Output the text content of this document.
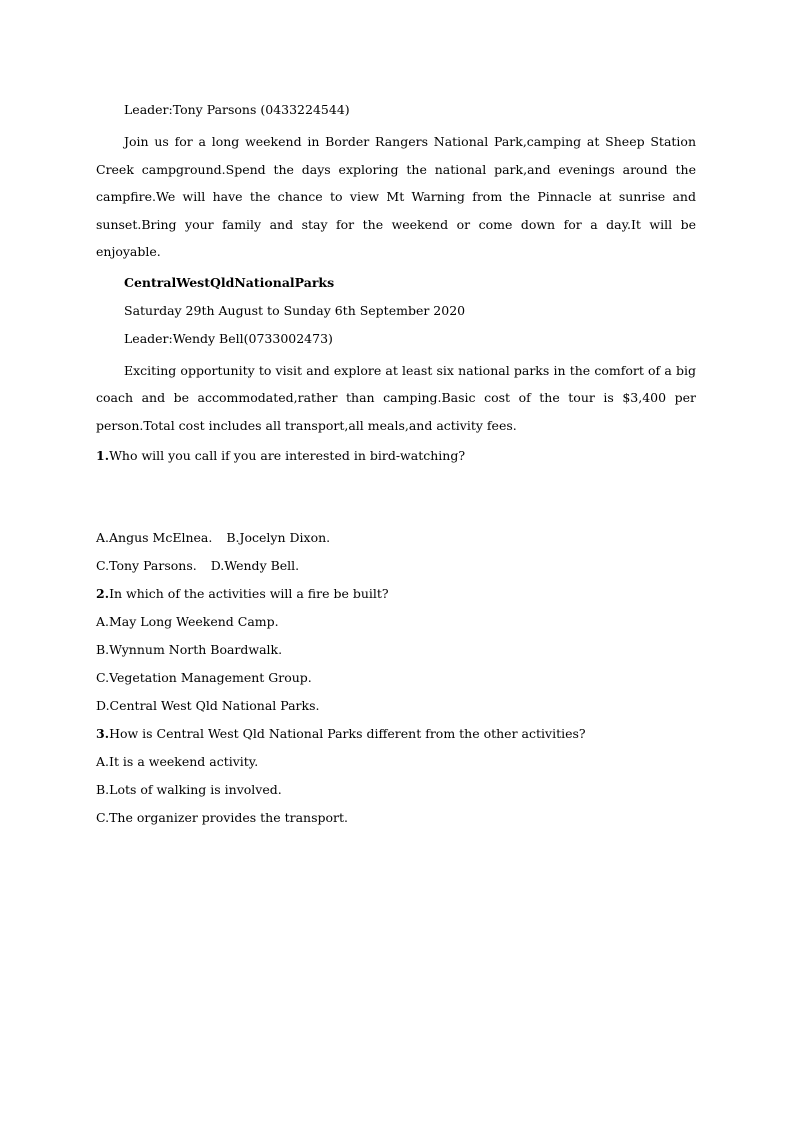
Leader:Tony Parsons (0433224544)
Join us for a long weekend in Border Rangers National Park,camping at Sheep Station Creek campground.Spend the days exploring the national park,and evenings around the campfire.We will have the chance to view Mt Warning from the Pinnacle at sunrise and sunset.Bring your family and stay for the weekend or come down for a day.It will be enjoyable.
CentralWestQldNationalParks
Saturday 29th August to Sunday 6th September 2020
Leader:Wendy Bell(0733002473)
Exciting opportunity to visit and explore at least six national parks in the comfort of a big coach and be accommodated,rather than camping.Basic cost of the tour is $3,400 per person.Total cost includes all transport,all meals,and activity fees.
1.Who will you call if you are interested in bird-watching?
A.Angus McElnea. B.Jocelyn Dixon.
C.Tony Parsons. D.Wendy Bell.
2.In which of the activities will a fire be built?
A.May Long Weekend Camp.
B.Wynnum North Boardwalk.
C.Vegetation Management Group.
D.Central West Qld National Parks.
3.How is Central West Qld National Parks different from the other activities?
A.It is a weekend activity.
B.Lots of walking is involved.
C.The organizer provides the transport.
